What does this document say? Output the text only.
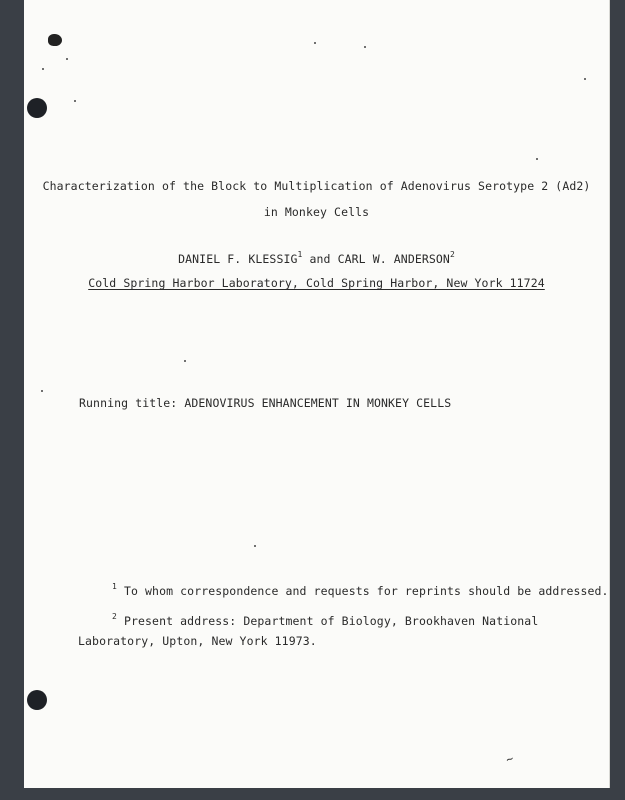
Characterization of the Block to Multiplication of Adenovirus Serotype 2 (Ad2)
in Monkey Cells
DANIEL F. KLESSIG$^1$ and CARL W. ANDERSON$^2$
Cold Spring Harbor Laboratory, Cold Spring Harbor, New York 11724
Running title: ADENOVIRUS ENHANCEMENT IN MONKEY CELLS
$^1$ To whom correspondence and requests for reprints should be addressed.
$^2$ Present address: Department of Biology, Brookhaven National
Laboratory, Upton, New York 11973.
~
